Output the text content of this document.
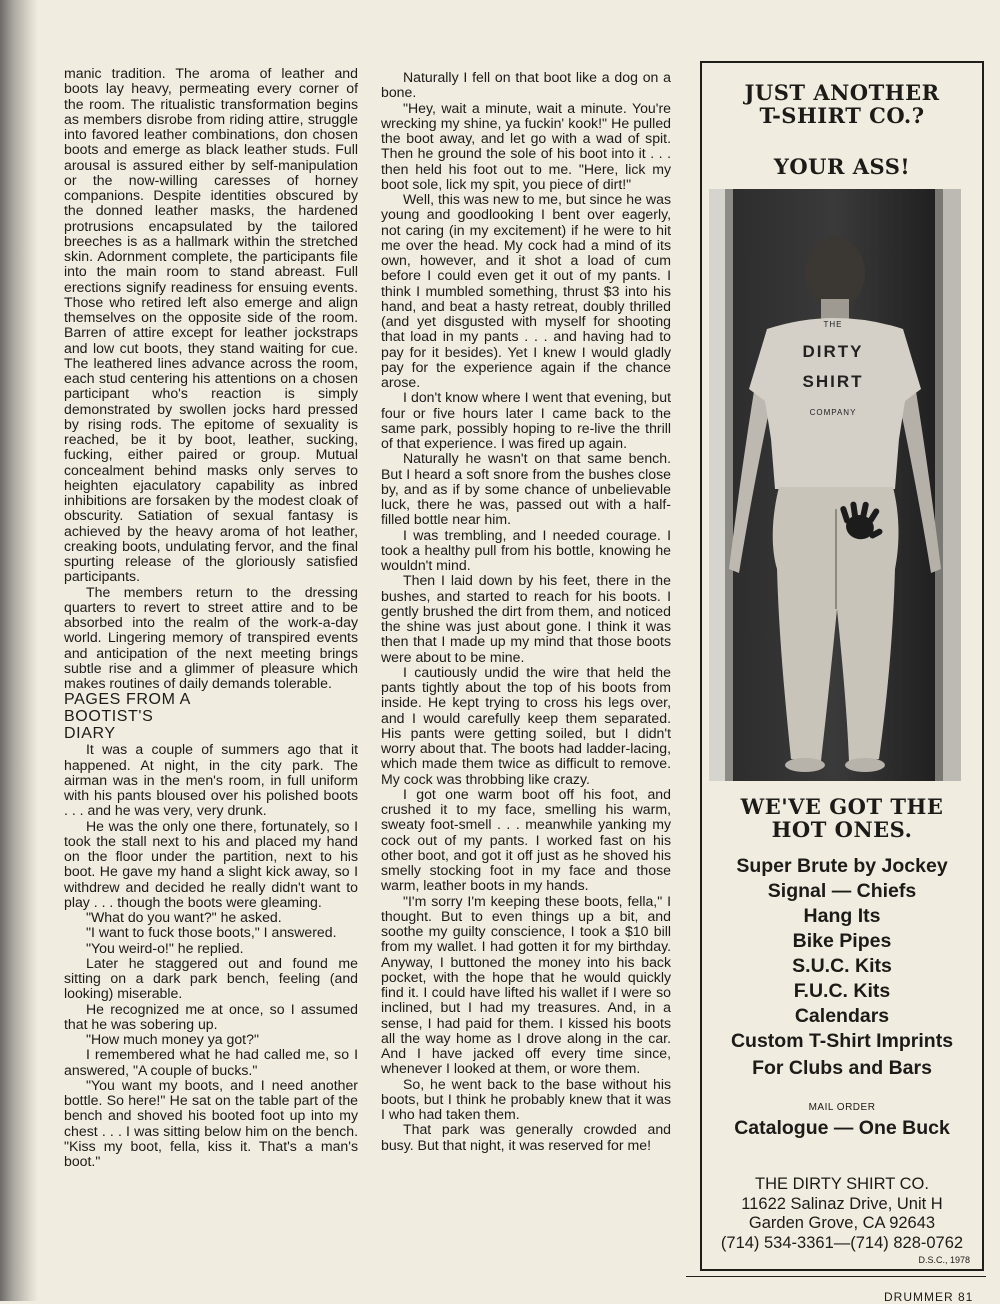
manic tradition. The aroma of leather and boots lay heavy, permeating every corner of the room. The ritualistic transformation begins as members disrobe from riding attire, struggle into favored leather combinations, don chosen boots and emerge as black leather studs. Full arousal is assured either by self-manipulation or the now-willing caresses of horney companions. Despite identities obscured by the donned leather masks, the hardened protrusions encapsulated by the tailored breeches is as a hallmark within the stretched skin. Adornment complete, the participants file into the main room to stand abreast. Full erections signify readiness for ensuing events. Those who retired left also emerge and align themselves on the opposite side of the room. Barren of attire except for leather jockstraps and low cut boots, they stand waiting for cue. The leathered lines advance across the room, each stud centering his attentions on a chosen participant who's reaction is simply demonstrated by swollen jocks hard pressed by rising rods. The epitome of sexuality is reached, be it by boot, leather, sucking, fucking, either paired or group. Mutual concealment behind masks only serves to heighten ejaculatory capability as inbred inhibitions are forsaken by the modest cloak of obscurity. Satiation of sexual fantasy is achieved by the heavy aroma of hot leather, creaking boots, undulating fervor, and the final spurting release of the gloriously satisfied participants.

The members return to the dressing quarters to revert to street attire and to be absorbed into the realm of the work-a-day world. Lingering memory of transpired events and anticipation of the next meeting brings subtle rise and a glimmer of pleasure which makes routines of daily demands tolerable.

PAGES FROM A BOOTIST'S DIARY

It was a couple of summers ago that it happened. At night, in the city park. The airman was in the men's room, in full uniform with his pants bloused over his polished boots . . . and he was very, very drunk.

He was the only one there, fortunately, so I took the stall next to his and placed my hand on the floor under the partition, next to his boot. He gave my hand a slight kick away, so I withdrew and decided he really didn't want to play . . . though the boots were gleaming.

"What do you want?" he asked.

"I want to fuck those boots," I answered.

"You weird-o!" he replied.

Later he staggered out and found me sitting on a dark park bench, feeling (and looking) miserable.

He recognized me at once, so I assumed that he was sobering up.

"How much money ya got?"

I remembered what he had called me, so I answered, "A couple of bucks."

"You want my boots, and I need another bottle. So here!" He sat on the table part of the bench and shoved his booted foot up into my chest . . . I was sitting below him on the bench. "Kiss my boot, fella, kiss it. That's a man's boot."

Naturally I fell on that boot like a dog on a bone.

"Hey, wait a minute, wait a minute. You're wrecking my shine, ya fuckin' kook!" He pulled the boot away, and let go with a wad of spit. Then he ground the sole of his boot into it . . . then held his foot out to me. "Here, lick my boot sole, lick my spit, you piece of dirt!"

Well, this was new to me, but since he was young and goodlooking I bent over eagerly, not caring (in my excitement) if he were to hit me over the head. My cock had a mind of its own, however, and it shot a load of cum before I could even get it out of my pants. I think I mumbled something, thrust $3 into his hand, and beat a hasty retreat, doubly thrilled (and yet disgusted with myself for shooting that load in my pants . . . and having had to pay for it besides). Yet I knew I would gladly pay for the experience again if the chance arose.

I don't know where I went that evening, but four or five hours later I came back to the same park, possibly hoping to re-live the thrill of that experience. I was fired up again.

Naturally he wasn't on that same bench. But I heard a soft snore from the bushes close by, and as if by some chance of unbelievable luck, there he was, passed out with a half-filled bottle near him.

I was trembling, and I needed courage. I took a healthy pull from his bottle, knowing he wouldn't mind.

Then I laid down by his feet, there in the bushes, and started to reach for his boots. I gently brushed the dirt from them, and noticed the shine was just about gone. I think it was then that I made up my mind that those boots were about to be mine.

I cautiously undid the wire that held the pants tightly about the top of his boots from inside. He kept trying to cross his legs over, and I would carefully keep them separated. His pants were getting soiled, but I didn't worry about that. The boots had ladder-lacing, which made them twice as difficult to remove. My cock was throbbing like crazy.

I got one warm boot off his foot, and crushed it to my face, smelling his warm, sweaty foot-smell . . . meanwhile yanking my cock out of my pants. I worked fast on his other boot, and got it off just as he shoved his smelly stocking foot in my face and those warm, leather boots in my hands.

"I'm sorry I'm keeping these boots, fella," I thought. But to even things up a bit, and soothe my guilty conscience, I took a $10 bill from my wallet. I had gotten it for my birthday. Anyway, I buttoned the money into his back pocket, with the hope that he would quickly find it. I could have lifted his wallet if I were so inclined, but I had my treasures. And, in a sense, I had paid for them. I kissed his boots all the way home as I drove along in the car. And I have jacked off every time since, whenever I looked at them, or wore them.

So, he went back to the base without his boots, but I think he probably knew that it was I who had taken them.

That park was generally crowded and busy. But that night, it was reserved for me!

JUST ANOTHER
T-SHIRT CO.?
YOUR ASS!
THE
DIRTY
SHIRT
COMPANY
WE'VE GOT THE
HOT ONES.
Super Brute by Jockey
Signal — Chiefs
Hang Its
Bike Pipes
S.U.C. Kits
F.U.C. Kits
Calendars
Custom T-Shirt Imprints
For Clubs and Bars
MAIL ORDER
Catalogue — One Buck
THE DIRTY SHIRT CO.
11622 Salinaz Drive, Unit H
Garden Grove, CA 92643
(714) 534-3361—(714) 828-0762
D.S.C., 1978
DRUMMER 81
